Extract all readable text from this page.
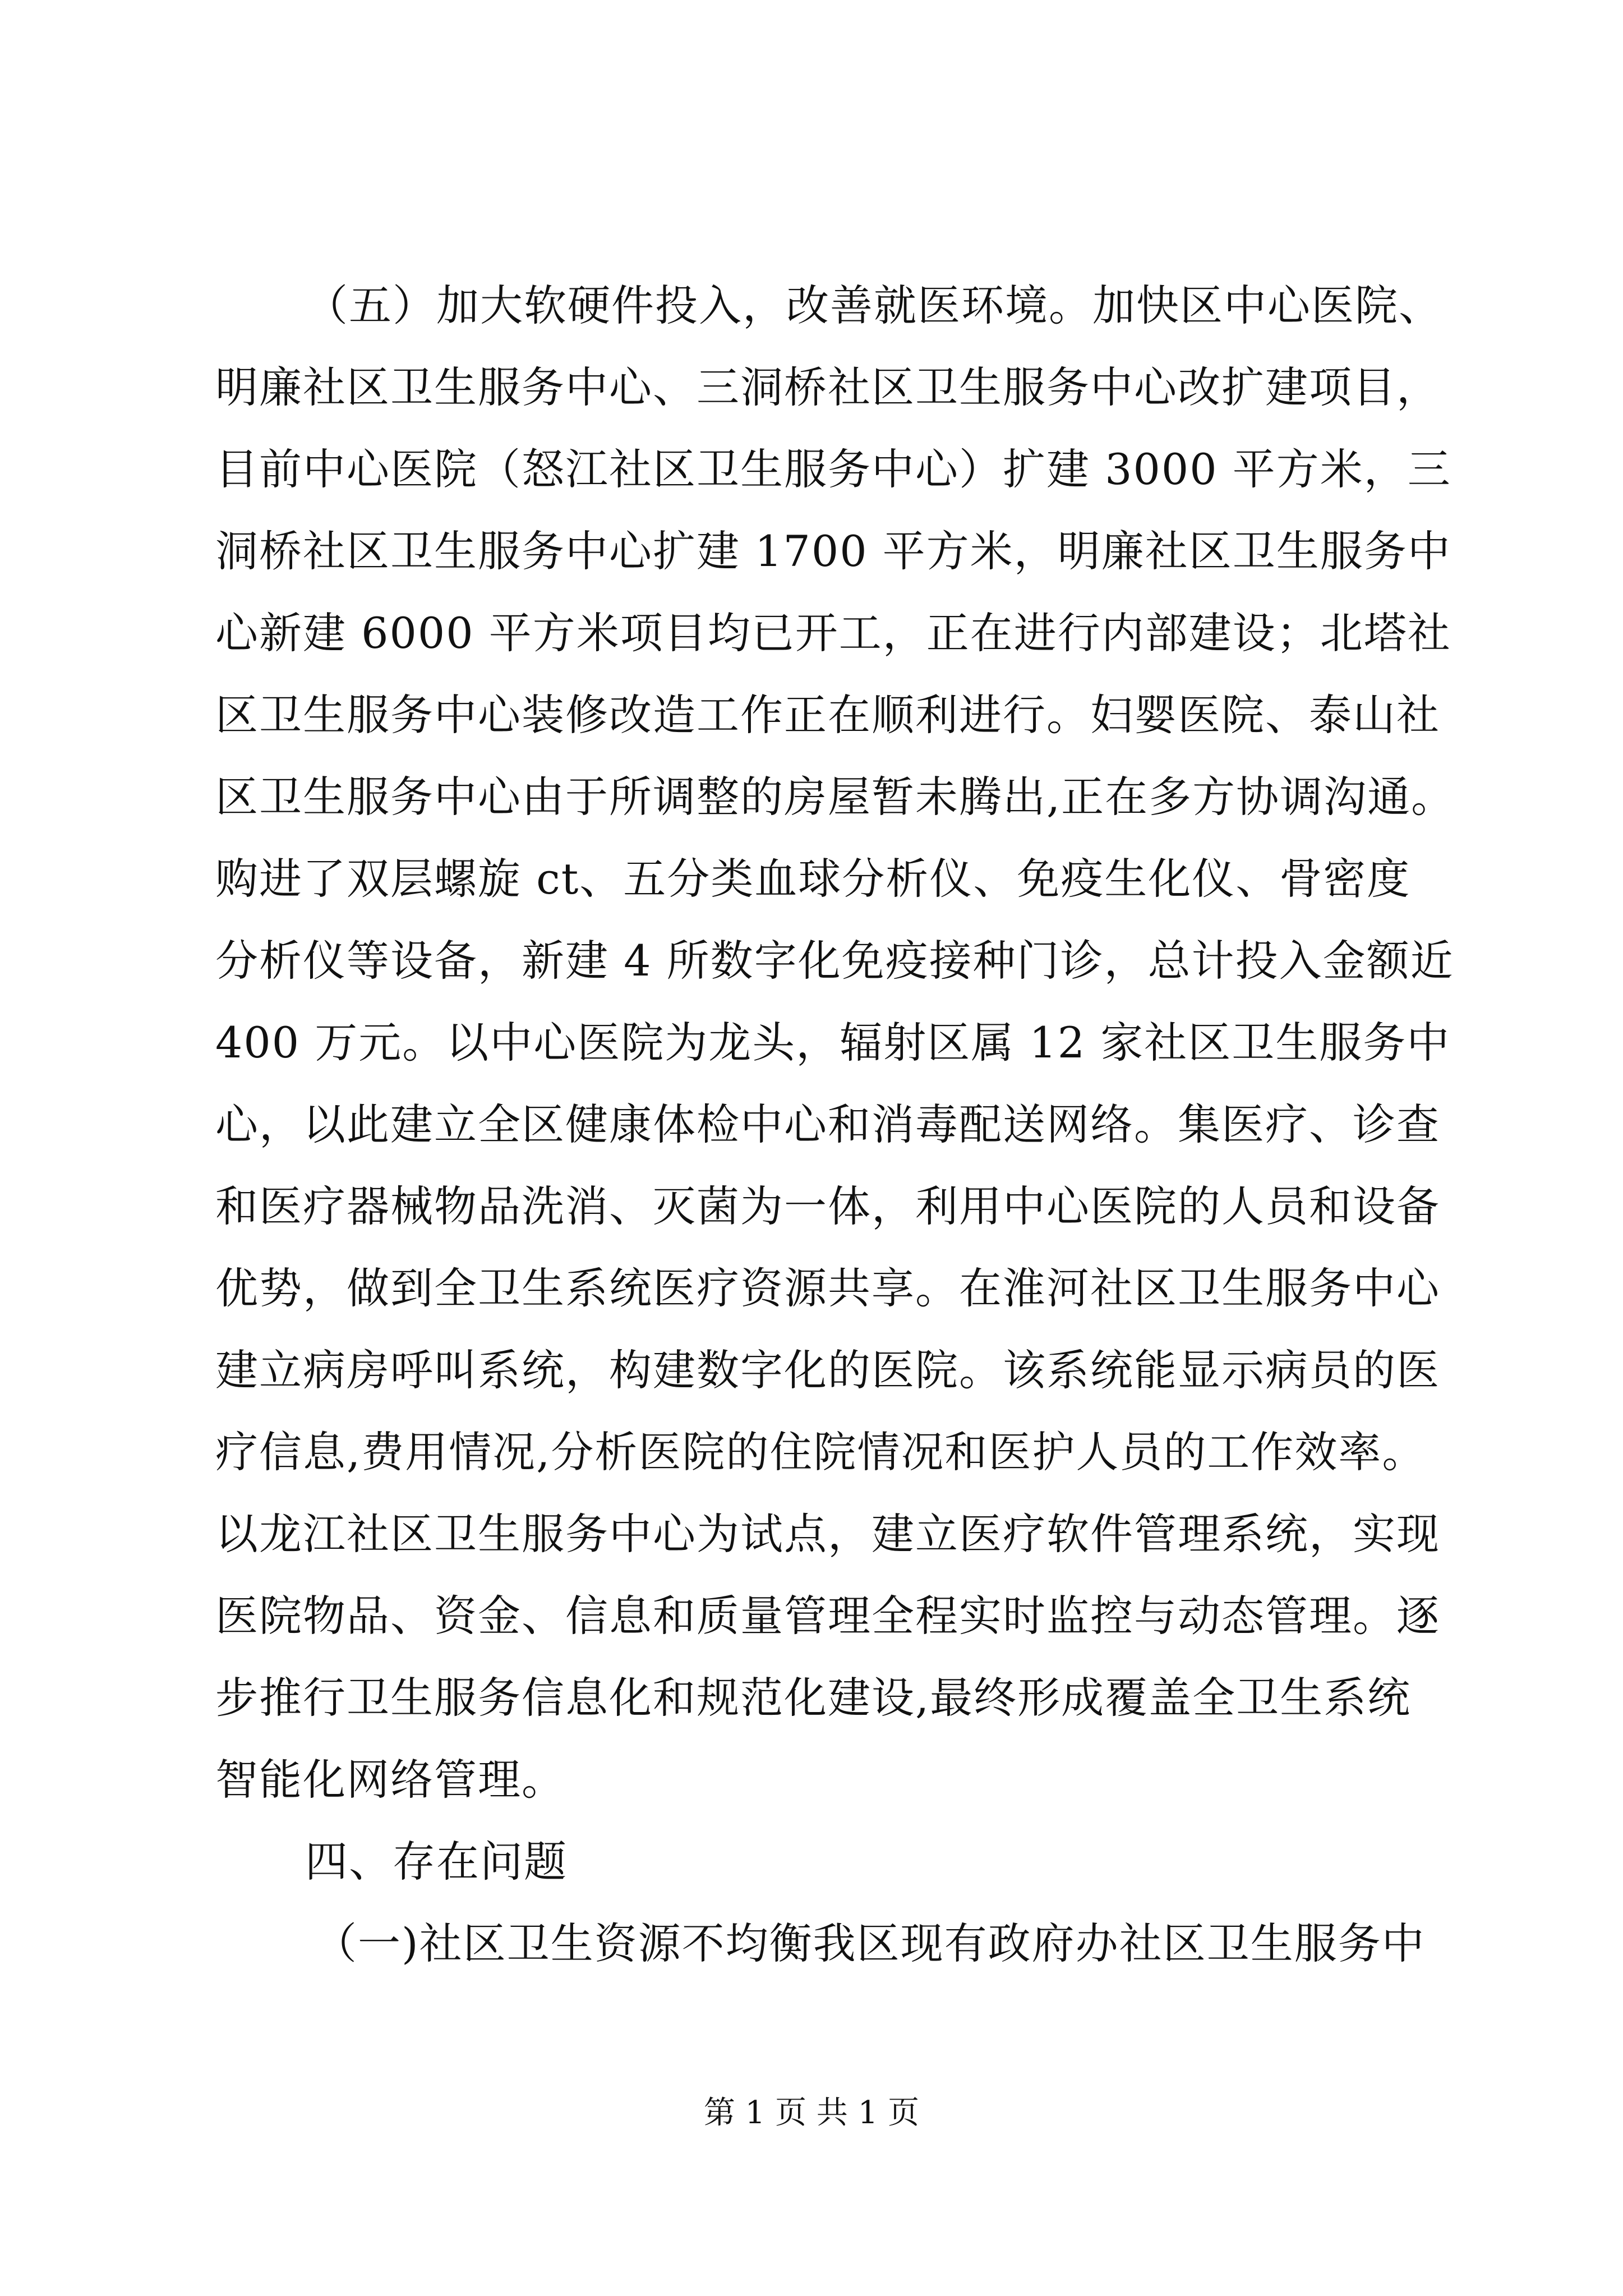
（五）加大软硬件投入，改善就医环境。加快区中心医院、
明廉社区卫生服务中心、三洞桥社区卫生服务中心改扩建项目，
目前中心医院（怒江社区卫生服务中心）扩建 3000 平方米，三
洞桥社区卫生服务中心扩建 1700 平方米，明廉社区卫生服务中
心新建 6000 平方米项目均已开工，正在进行内部建设；北塔社
区卫生服务中心装修改造工作正在顺利进行。妇婴医院、泰山社
区卫生服务中心由于所调整的房屋暂未腾出,正在多方协调沟通。
购进了双层螺旋 ct、五分类血球分析仪、免疫生化仪、骨密度
分析仪等设备，新建 4 所数字化免疫接种门诊，总计投入金额近
400 万元。以中心医院为龙头，辐射区属 12 家社区卫生服务中
心，以此建立全区健康体检中心和消毒配送网络。集医疗、诊查
和医疗器械物品洗消、灭菌为一体，利用中心医院的人员和设备
优势，做到全卫生系统医疗资源共享。在淮河社区卫生服务中心
建立病房呼叫系统，构建数字化的医院。该系统能显示病员的医
疗信息,费用情况,分析医院的住院情况和医护人员的工作效率。
以龙江社区卫生服务中心为试点，建立医疗软件管理系统，实现
医院物品、资金、信息和质量管理全程实时监控与动态管理。逐
步推行卫生服务信息化和规范化建设,最终形成覆盖全卫生系统
智能化网络管理。
四、存在问题
（一)社区卫生资源不均衡我区现有政府办社区卫生服务中
第 1 页 共 1 页
